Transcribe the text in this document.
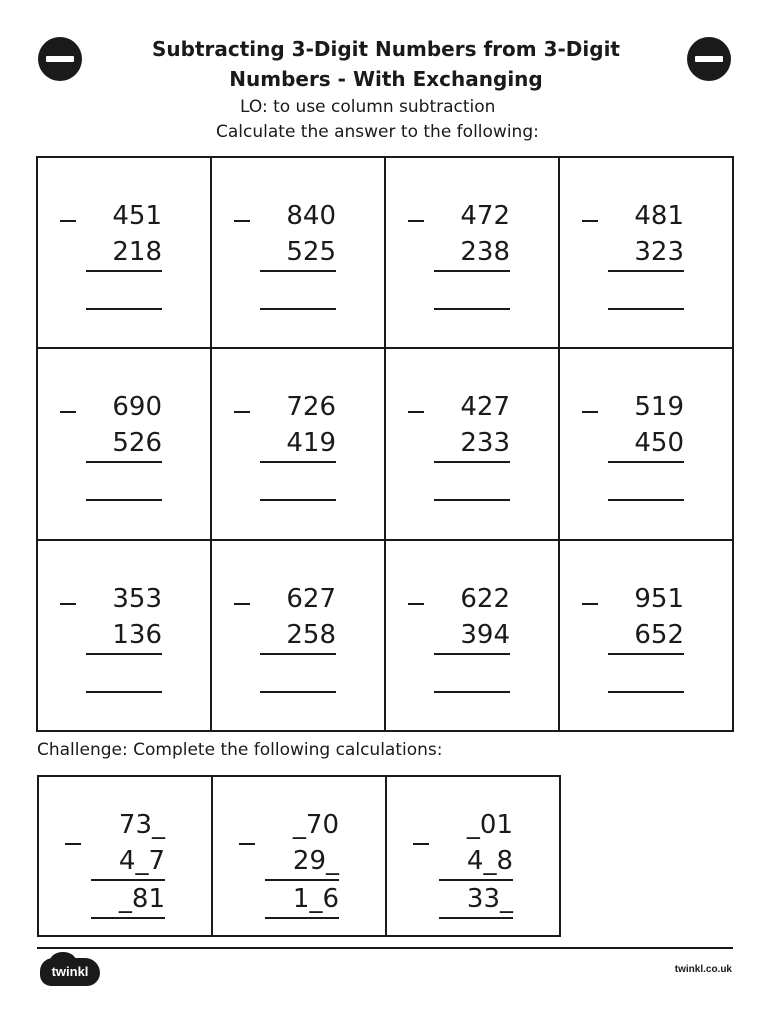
Subtracting 3-Digit Numbers from 3-Digit Numbers - With Exchanging
LO: to use column subtraction
Calculate the answer to the following:
451
218
840
525
472
238
481
323
690
526
726
419
427
233
519
450
353
136
627
258
622
394
951
652
Challenge: Complete the following calculations:
73_
4_7
_81
_70
29_
1_6
_01
4_8
33_
twinkl	twinkl.co.uk
